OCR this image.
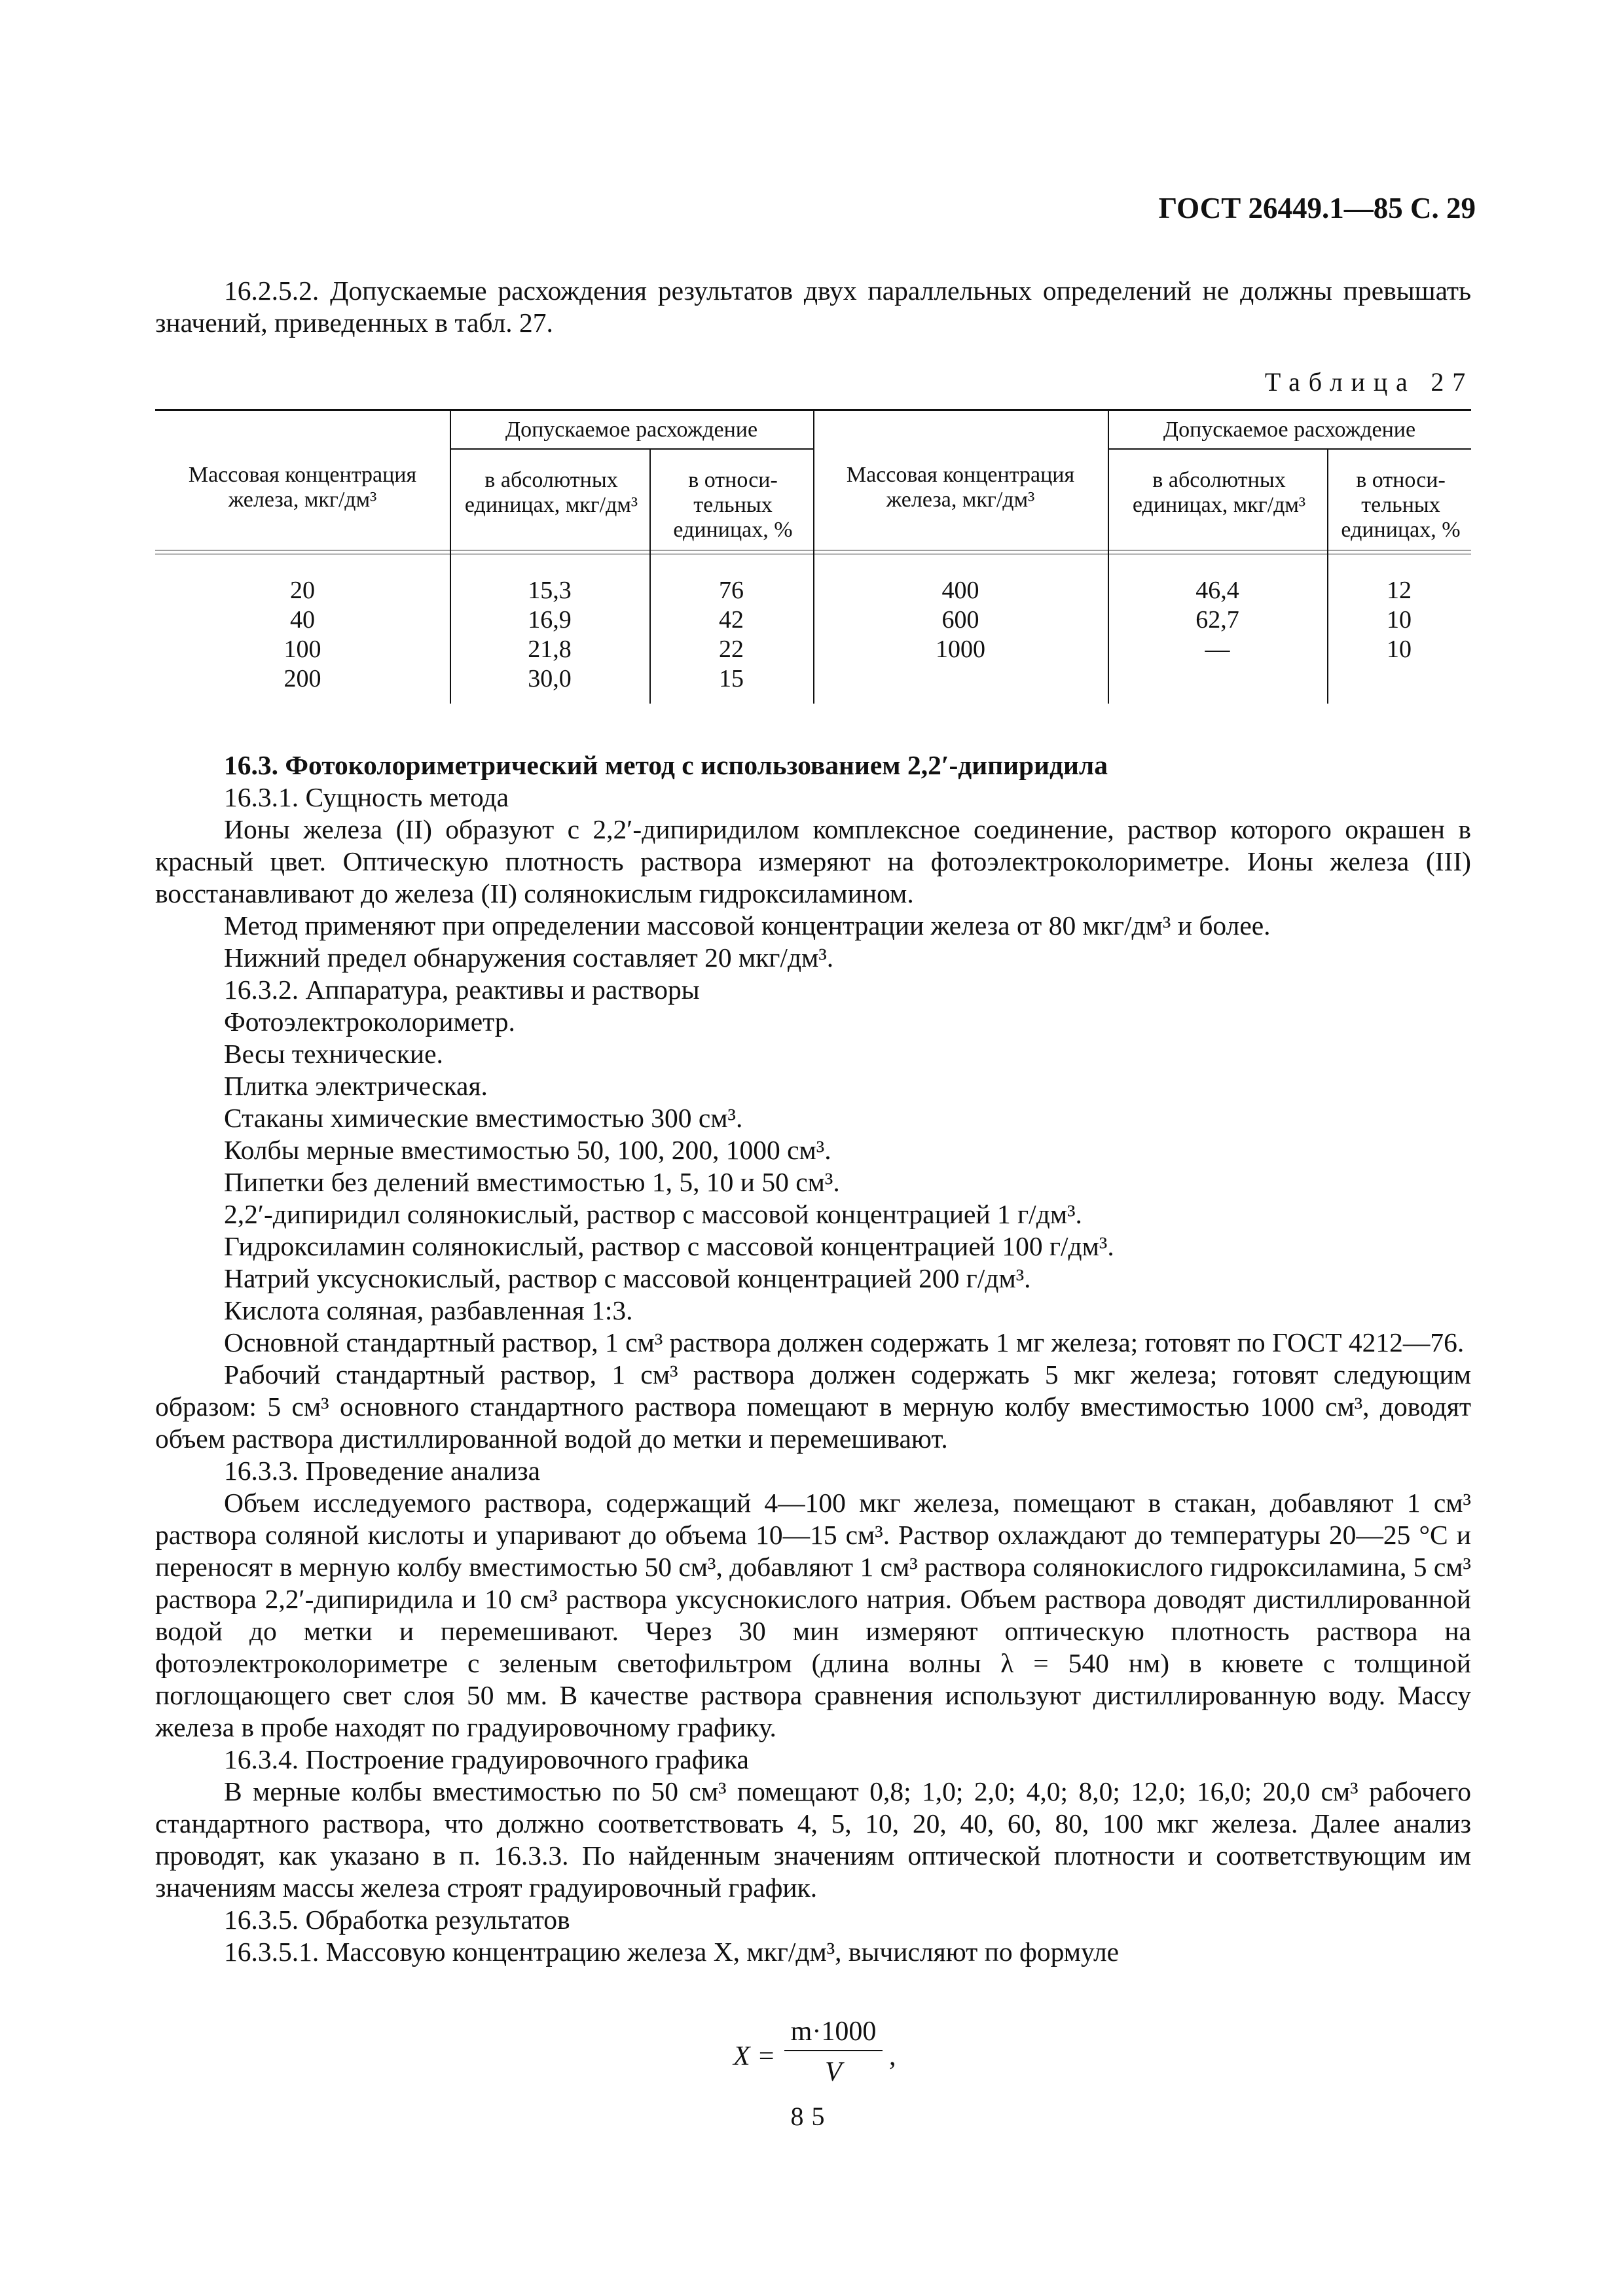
ГОСТ 26449.1—85 С. 29

16.2.5.2. Допускаемые расхождения результатов двух параллельных определений не должны превышать значений, приведенных в табл. 27.

Таблица 27
Массовая концентрация железа, мкг/дм³
Допускаемое расхождение
в абсолютных единицах, мкг/дм³
в относи-тельных единицах, %
Массовая концентрация железа, мкг/дм³
Допускаемое расхождение
в абсолютных единицах, мкг/дм³
в относи-тельных единицах, %
20
40
100
200
15,3
16,9
21,8
30,0
76
42
22
15
400
600
1000
46,4
62,7
—
12
10
10

16.3. Фотоколориметрический метод с использованием 2,2′-дипиридила

16.3.1. Сущность метода

Ионы железа (II) образуют с 2,2′-дипиридилом комплексное соединение, раствор которого окрашен в красный цвет. Оптическую плотность раствора измеряют на фотоэлектроколориметре. Ионы железа (III) восстанавливают до железа (II) солянокислым гидроксиламином.

Метод применяют при определении массовой концентрации железа от 80 мкг/дм³ и более.

Нижний предел обнаружения составляет 20 мкг/дм³.

16.3.2. Аппаратура, реактивы и растворы

Фотоэлектроколориметр.

Весы технические.

Плитка электрическая.

Стаканы химические вместимостью 300 см³.

Колбы мерные вместимостью 50, 100, 200, 1000 см³.

Пипетки без делений вместимостью 1, 5, 10 и 50 см³.

2,2′-дипиридил солянокислый, раствор с массовой концентрацией 1 г/дм³.

Гидроксиламин солянокислый, раствор с массовой концентрацией 100 г/дм³.

Натрий уксуснокислый, раствор с массовой концентрацией 200 г/дм³.

Кислота соляная, разбавленная 1:3.

Основной стандартный раствор, 1 см³ раствора должен содержать 1 мг железа; готовят по ГОСТ 4212—76.

Рабочий стандартный раствор, 1 см³ раствора должен содержать 5 мкг железа; готовят следующим образом: 5 см³ основного стандартного раствора помещают в мерную колбу вместимостью 1000 см³, доводят объем раствора дистиллированной водой до метки и перемешивают.

16.3.3. Проведение анализа

Объем исследуемого раствора, содержащий 4—100 мкг железа, помещают в стакан, добавляют 1 см³ раствора соляной кислоты и упаривают до объема 10—15 см³. Раствор охлаждают до температуры 20—25 °С и переносят в мерную колбу вместимостью 50 см³, добавляют 1 см³ раствора солянокислого гидроксиламина, 5 см³ раствора 2,2′-дипиридила и 10 см³ раствора уксуснокислого натрия. Объем раствора доводят дистиллированной водой до метки и перемешивают. Через 30 мин измеряют оптическую плотность раствора на фотоэлектроколориметре с зеленым светофильтром (длина волны λ = 540 нм) в кювете с толщиной поглощающего свет слоя 50 мм. В качестве раствора сравнения используют дистиллированную воду. Массу железа в пробе находят по градуировочному графику.

16.3.4. Построение градуировочного графика

В мерные колбы вместимостью по 50 см³ помещают 0,8; 1,0; 2,0; 4,0; 8,0; 12,0; 16,0; 20,0 см³ рабочего стандартного раствора, что должно соответствовать 4, 5, 10, 20, 40, 60, 80, 100 мкг железа. Далее анализ проводят, как указано в п. 16.3.3. По найденным значениям оптической плотности и соответствующим им значениям массы железа строят градуировочный график.

16.3.5. Обработка результатов

16.3.5.1. Массовую концентрацию железа X, мкг/дм³, вычисляют по формуле

X =
m·1000
V
,
85
